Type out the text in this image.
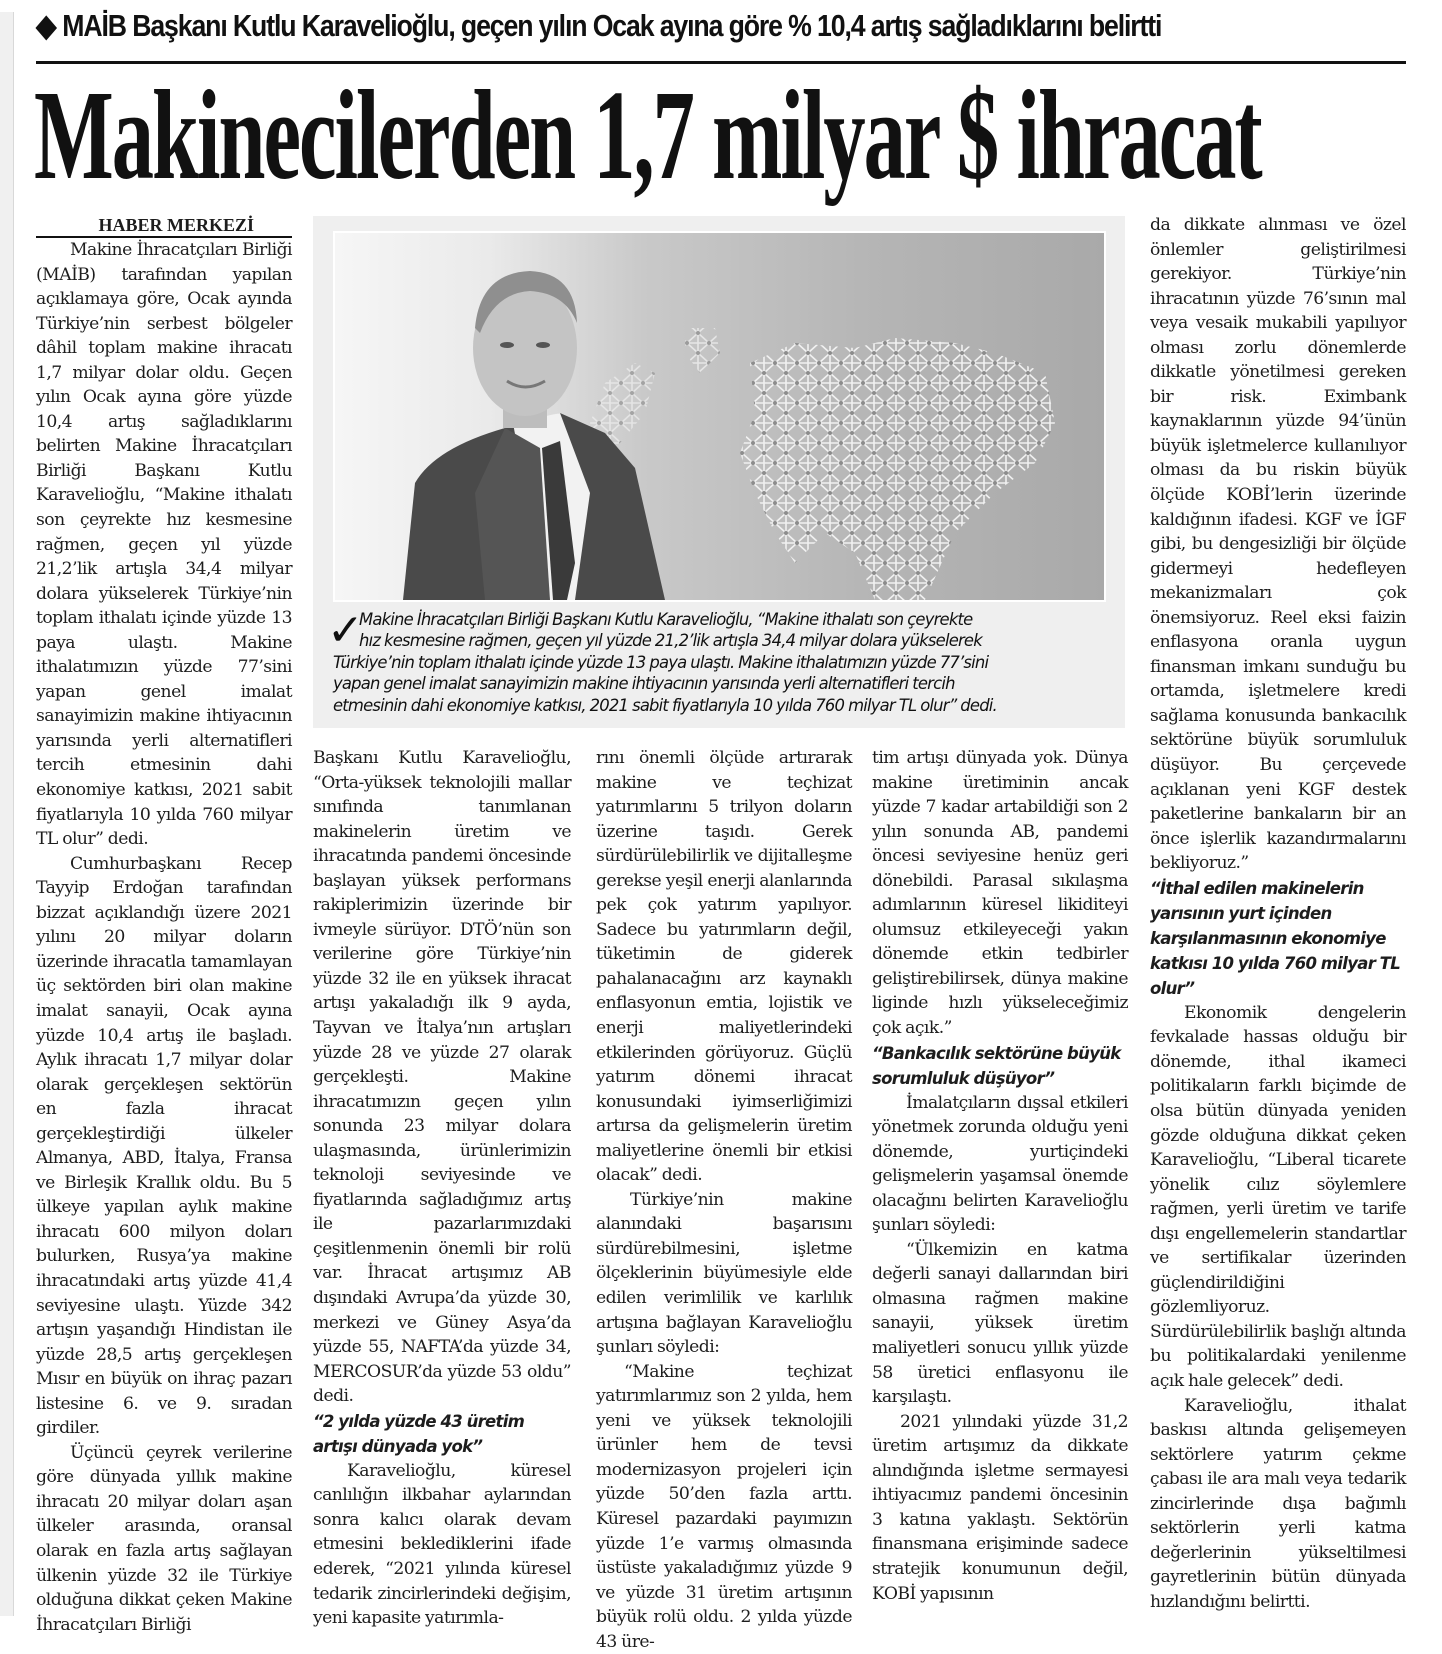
◆ MAİB Başkanı Kutlu Karavelioğlu, geçen yılın Ocak ayına göre % 10,4 artış sağladıklarını belirtti
Makinecilerden 1,7 milyar $ ihracat
HABER MERKEZİ

Makine İhracatçıları Birliği (MAİB) tarafından yapılan açıklamaya göre, Ocak ayında Türkiye’nin serbest bölgeler dâhil toplam makine ihracatı 1,7 milyar dolar oldu. Geçen yılın Ocak ayına göre yüzde 10,4 artış sağladıklarını belirten Makine İhracatçıları Birliği Başkanı Kutlu Karavelioğlu, “Makine ithalatı son çeyrekte hız kesmesine rağmen, geçen yıl yüzde 21,2’lik artışla 34,4 milyar dolara yükselerek Türkiye’nin toplam ithalatı içinde yüzde 13 paya ulaştı. Makine ithalatımızın yüzde 77’sini yapan genel imalat sanayimizin makine ihtiyacının yarısında yerli alternatifleri tercih etmesinin dahi ekonomiye katkısı, 2021 sabit fiyatlarıyla 10 yılda 760 milyar TL olur” dedi.

Cumhurbaşkanı Recep Tayyip Erdoğan tarafından bizzat açıklandığı üzere 2021 yılını 20 milyar doların üzerinde ihracatla tamamlayan üç sektörden biri olan makine imalat sanayii, Ocak ayına yüzde 10,4 artış ile başladı. Aylık ihracatı 1,7 milyar dolar olarak gerçekleşen sektörün en fazla ihracat gerçekleştirdiği ülkeler Almanya, ABD, İtalya, Fransa ve Birleşik Krallık oldu. Bu 5 ülkeye yapılan aylık makine ihracatı 600 milyon doları bulurken, Rusya’ya makine ihracatındaki artış yüzde 41,4 seviyesine ulaştı. Yüzde 342 artışın yaşandığı Hindistan ile yüzde 28,5 artış gerçekleşen Mısır en büyük on ihraç pazarı listesine 6. ve 9. sıradan girdiler.

Üçüncü çeyrek verilerine göre dünyada yıllık makine ihracatı 20 milyar doları aşan ülkeler arasında, oransal olarak en fazla artış sağlayan ülkenin yüzde 32 ile Türkiye olduğuna dikkat çeken Makine İhracatçıları Birliği

✓
Makine İhracatçıları Birliği Başkanı Kutlu Karavelioğlu, “Makine ithalatı son çeyrekte
hız kesmesine rağmen, geçen yıl yüzde 21,2’lik artışla 34,4 milyar dolara yükselerek
Türkiye’nin toplam ithalatı içinde yüzde 13 paya ulaştı. Makine ithalatımızın yüzde 77’sini
yapan genel imalat sanayimizin makine ihtiyacının yarısında yerli alternatifleri tercih
etmesinin dahi ekonomiye katkısı, 2021 sabit fiyatlarıyla 10 yılda 760 milyar TL olur” dedi.

Başkanı Kutlu Karavelioğlu, “Orta-yüksek teknolojili mallar sınıfında tanımlanan makinelerin üretim ve ihracatında pandemi öncesinde başlayan yüksek performans rakiplerimizin üzerinde bir ivmeyle sürüyor. DTÖ’nün son verilerine göre Türkiye’nin yüzde 32 ile en yüksek ihracat artışı yakaladığı ilk 9 ayda, Tayvan ve İtalya’nın artışları yüzde 28 ve yüzde 27 olarak gerçekleşti. Makine ihracatımızın geçen yılın sonunda 23 milyar dolara ulaşmasında, ürünlerimizin teknoloji seviyesinde ve fiyatlarında sağladığımız artış ile pazarlarımızdaki çeşitlenmenin önemli bir rolü var. İhracat artışımız AB dışındaki Avrupa’da yüzde 30, merkezi ve Güney Asya’da yüzde 55, NAFTA’da yüzde 34, MERCOSUR’da yüzde 53 oldu” dedi.

“2 yılda yüzde 43 üretim artışı dünyada yok”

Karavelioğlu, küresel canlılığın ilkbahar aylarından sonra kalıcı olarak devam etmesini beklediklerini ifade ederek, “2021 yılında küresel tedarik zincirlerindeki değişim, yeni kapasite yatırımla-

rını önemli ölçüde artırarak makine ve teçhizat yatırımlarını 5 trilyon doların üzerine taşıdı. Gerek sürdürülebilirlik ve dijitalleşme gerekse yeşil enerji alanlarında pek çok yatırım yapılıyor. Sadece bu yatırımların değil, tüketimin de giderek pahalanacağını arz kaynaklı enflasyonun emtia, lojistik ve enerji maliyetlerindeki etkilerinden görüyoruz. Güçlü yatırım dönemi ihracat konusundaki iyimserliğimizi artırsa da gelişmelerin üretim maliyetlerine önemli bir etkisi olacak” dedi.

Türkiye’nin makine alanındaki başarısını sürdürebilmesini, işletme ölçeklerinin büyümesiyle elde edilen verimlilik ve karlılık artışına bağlayan Karavelioğlu şunları söyledi:

“Makine teçhizat yatırımlarımız son 2 yılda, hem yeni ve yüksek teknolojili ürünler hem de tevsi modernizasyon projeleri için yüzde 50’den fazla arttı. Küresel pazardaki payımızın yüzde 1’e varmış olmasında üstüste yakaladığımız yüzde 9 ve yüzde 31 üretim artışının büyük rolü oldu. 2 yılda yüzde 43 üre-

tim artışı dünyada yok. Dünya makine üretiminin ancak yüzde 7 kadar artabildiği son 2 yılın sonunda AB, pandemi öncesi seviyesine henüz geri dönebildi. Parasal sıkılaşma adımlarının küresel likiditeyi olumsuz etkileyeceği yakın dönemde etkin tedbirler geliştirebilirsek, dünya makine liginde hızlı yükseleceğimiz çok açık.”

“Bankacılık sektörüne büyük sorumluluk düşüyor”

İmalatçıların dışsal etkileri yönetmek zorunda olduğu yeni dönemde, yurtiçindeki gelişmelerin yaşamsal önemde olacağını belirten Karavelioğlu şunları söyledi:

“Ülkemizin en katma değerli sanayi dallarından biri olmasına rağmen makine sanayii, yüksek üretim maliyetleri sonucu yıllık yüzde 58 üretici enflasyonu ile karşılaştı.

2021 yılındaki yüzde 31,2 üretim artışımız da dikkate alındığında işletme sermayesi ihtiyacımız pandemi öncesinin 3 katına yaklaştı. Sektörün finansmana erişiminde sadece stratejik konumunun değil, KOBİ yapısının

da dikkate alınması ve özel önlemler geliştirilmesi gerekiyor. Türkiye’nin ihracatının yüzde 76’sının mal veya vesaik mukabili yapılıyor olması zorlu dönemlerde dikkatle yönetilmesi gereken bir risk. Eximbank kaynaklarının yüzde 94’ünün büyük işletmelerce kullanılıyor olması da bu riskin büyük ölçüde KOBİ’lerin üzerinde kaldığının ifadesi. KGF ve İGF gibi, bu dengesizliği bir ölçüde gidermeyi hedefleyen mekanizmaları çok önemsiyoruz. Reel eksi faizin enflasyona oranla uygun finansman imkanı sunduğu bu ortamda, işletmelere kredi sağlama konusunda bankacılık sektörüne büyük sorumluluk düşüyor. Bu çerçevede açıklanan yeni KGF destek paketlerine bankaların bir an önce işlerlik kazandırmalarını bekliyoruz.”

“İthal edilen makinelerin yarısının yurt içinden karşılanmasının ekonomiye katkısı 10 yılda 760 milyar TL olur”

Ekonomik dengelerin fevkalade hassas olduğu bir dönemde, ithal ikameci politikaların farklı biçimde de olsa bütün dünyada yeniden gözde olduğuna dikkat çeken Karavelioğlu, “Liberal ticarete yönelik cılız söylemlere rağmen, yerli üretim ve tarife dışı engellemelerin standartlar ve sertifikalar üzerinden güçlendirildiğini gözlemliyoruz. Sürdürülebilirlik başlığı altında bu politikalardaki yenilenme açık hale gelecek” dedi.

Karavelioğlu, ithalat baskısı altında gelişemeyen sektörlere yatırım çekme çabası ile ara malı veya tedarik zincirlerinde dışa bağımlı sektörlerin yerli katma değerlerinin yükseltilmesi gayretlerinin bütün dünyada hızlandığını belirtti.
